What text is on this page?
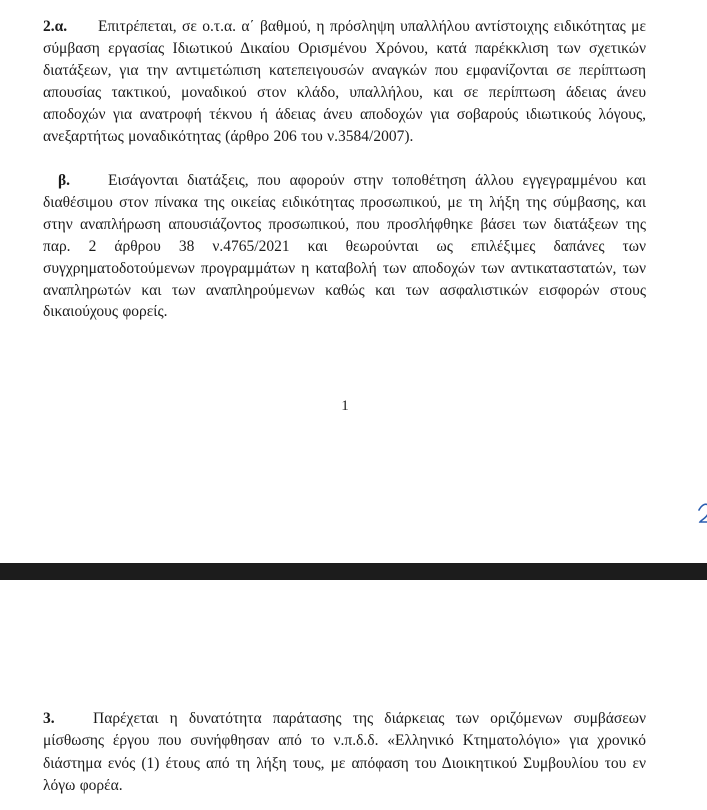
2.α. Επιτρέπεται, σε ο.τ.α. α΄ βαθμού, η πρόσληψη υπαλλήλου αντίστοιχης ειδικότητας με σύμβαση εργασίας Ιδιωτικού Δικαίου Ορισμένου Χρόνου, κατά παρέκκλιση των σχετικών διατάξεων, για την αντιμετώπιση κατεπειγουσών αναγκών που εμφανίζονται σε περίπτωση απουσίας τακτικού, μοναδικού στον κλάδο, υπαλλήλου, και σε περίπτωση άδειας άνευ αποδοχών για ανατροφή τέκνου ή άδειας άνευ αποδοχών για σοβαρούς ιδιωτικούς λόγους, ανεξαρτήτως μοναδικότητας (άρθρο 206 του ν.3584/2007).

β. Εισάγονται διατάξεις, που αφορούν στην τοποθέτηση άλλου εγγεγραμμένου και διαθέσιμου στον πίνακα της οικείας ειδικότητας προσωπικού, με τη λήξη της σύμβασης, και στην αναπλήρωση απουσιάζοντος προσωπικού, που προσλήφθηκε βάσει των διατάξεων της παρ. 2 άρθρου 38 ν.4765/2021 και θεωρούνται ως επιλέξιμες δαπάνες των συγχρηματοδοτούμενων προγραμμάτων η καταβολή των αποδοχών των αντικαταστατών, των αναπληρωτών και των αναπληρούμενων καθώς και των ασφαλιστικών εισφορών στους δικαιούχους φορείς.

1

3. Παρέχεται η δυνατότητα παράτασης της διάρκειας των οριζόμενων συμβάσεων μίσθωσης έργου που συνήφθησαν από το ν.π.δ.δ. «Ελληνικό Κτηματολόγιο» για χρονικό διάστημα ενός (1) έτους από τη λήξη τους, με απόφαση του Διοικητικού Συμβουλίου του εν λόγω φορέα.
